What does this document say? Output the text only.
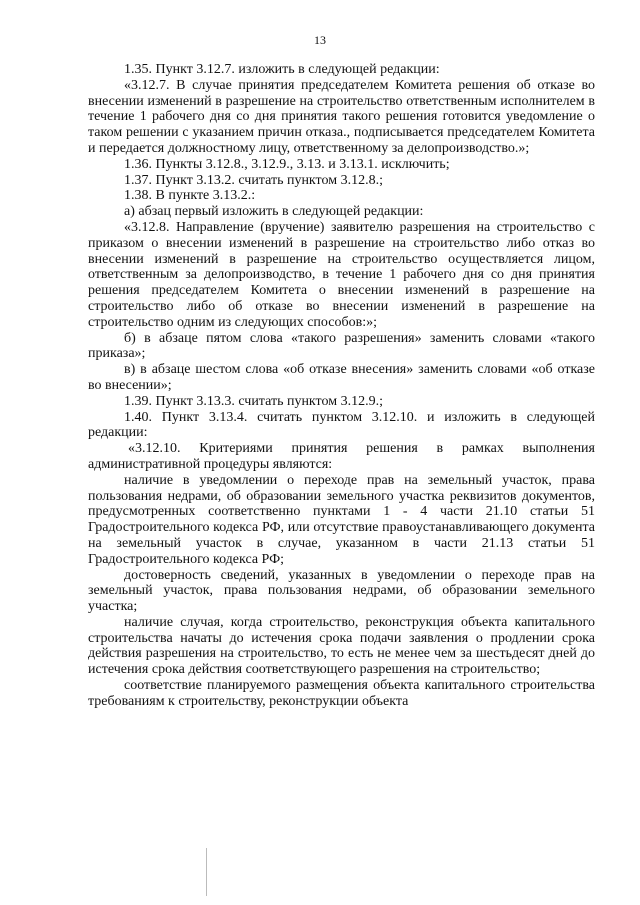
13

1.35. Пункт 3.12.7. изложить в следующей редакции:

«3.12.7. В случае принятия председателем Комитета решения об отказе во внесении изменений в разрешение на строительство ответственным исполнителем в течение 1 рабочего дня со дня принятия такого решения готовится уведомление о таком решении с указанием причин отказа., подписывается председателем Комитета и передается должностному лицу, ответственному за делопроизводство.»;

1.36. Пункты 3.12.8., 3.12.9., 3.13. и 3.13.1. исключить;

1.37. Пункт 3.13.2. считать пунктом 3.12.8.;

1.38. В пункте 3.13.2.:

а) абзац первый изложить в следующей редакции:

«3.12.8. Направление (вручение) заявителю разрешения на строительство с приказом о внесении изменений в разрешение на строительство либо отказ во внесении изменений в разрешение на строительство осуществляется лицом, ответственным за делопроизводство, в течение 1 рабочего дня со дня принятия решения председателем Комитета о внесении изменений в разрешение на строительство либо об отказе во внесении изменений в разрешение на строительство одним из следующих способов:»;

б) в абзаце пятом слова «такого разрешения» заменить словами «такого приказа»;

в) в абзаце шестом слова «об отказе внесения» заменить словами «об отказе во внесении»;

1.39. Пункт 3.13.3. считать пунктом 3.12.9.;

1.40. Пункт 3.13.4. считать пунктом 3.12.10. и изложить в следующей редакции:

«3.12.10. Критериями принятия решения в рамках выполнения административной процедуры являются:

наличие в уведомлении о переходе прав на земельный участок, права пользования недрами, об образовании земельного участка реквизитов документов, предусмотренных соответственно пунктами 1 - 4 части 21.10 статьи 51 Градостроительного кодекса РФ, или отсутствие правоустанавливающего документа на земельный участок в случае, указанном в части 21.13 статьи 51 Градостроительного кодекса РФ;

достоверность сведений, указанных в уведомлении о переходе прав на земельный участок, права пользования недрами, об образовании земельного участка;

наличие случая, когда строительство, реконструкция объекта капитального строительства начаты до истечения срока подачи заявления о продлении срока действия разрешения на строительство, то есть не менее чем за шестьдесят дней до истечения срока действия соответствующего разрешения на строительство;

соответствие планируемого размещения объекта капитального строительства требованиям к строительству, реконструкции объекта
